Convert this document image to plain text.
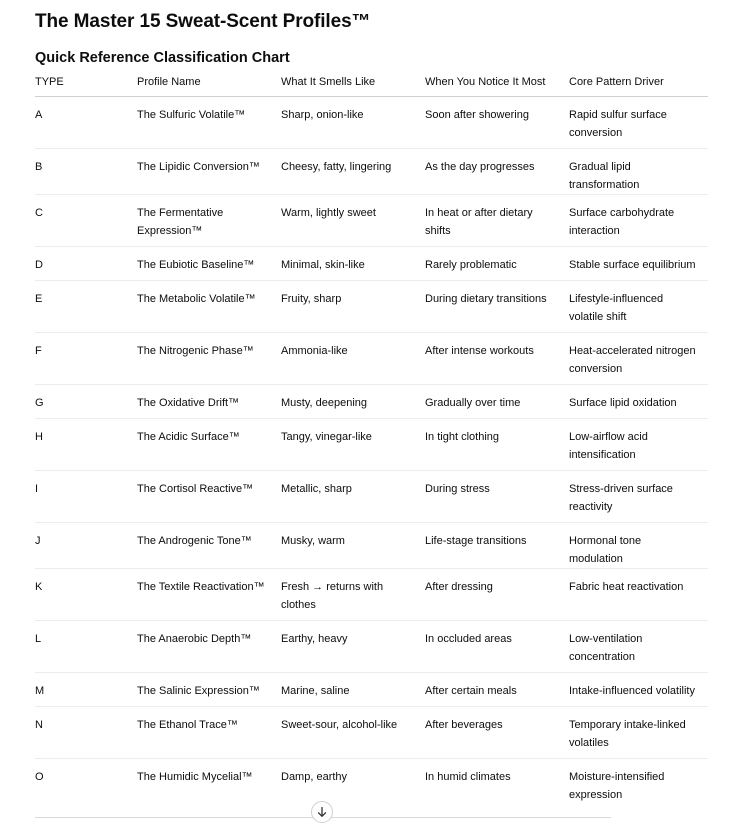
The Master 15 Sweat-Scent Profiles™
Quick Reference Classification Chart
TYPE	Profile Name	What It Smells Like	When You Notice It Most	Core Pattern Driver
A	The Sulfuric Volatile™	Sharp, onion-like	Soon after showering	Rapid sulfur surface conversion
B	The Lipidic Conversion™	Cheesy, fatty, lingering	As the day progresses	Gradual lipid transformation
C	The Fermentative Expression™	Warm, lightly sweet	In heat or after dietary shifts	Surface carbohydrate interaction
D	The Eubiotic Baseline™	Minimal, skin-like	Rarely problematic	Stable surface equilibrium
E	The Metabolic Volatile™	Fruity, sharp	During dietary transitions	Lifestyle-influenced volatile shift
F	The Nitrogenic Phase™	Ammonia-like	After intense workouts	Heat-accelerated nitrogen conversion
G	The Oxidative Drift™	Musty, deepening	Gradually over time	Surface lipid oxidation
H	The Acidic Surface™	Tangy, vinegar-like	In tight clothing	Low-airflow acid intensification
I	The Cortisol Reactive™	Metallic, sharp	During stress	Stress-driven surface reactivity
J	The Androgenic Tone™	Musky, warm	Life-stage transitions	Hormonal tone modulation
K	The Textile Reactivation™	Fresh → returns with clothes	After dressing	Fabric heat reactivation
L	The Anaerobic Depth™	Earthy, heavy	In occluded areas	Low-ventilation concentration
M	The Salinic Expression™	Marine, saline	After certain meals	Intake-influenced volatility
N	The Ethanol Trace™	Sweet-sour, alcohol-like	After beverages	Temporary intake-linked volatiles
O	The Humidic Mycelial™	Damp, earthy	In humid climates	Moisture-intensified expression
